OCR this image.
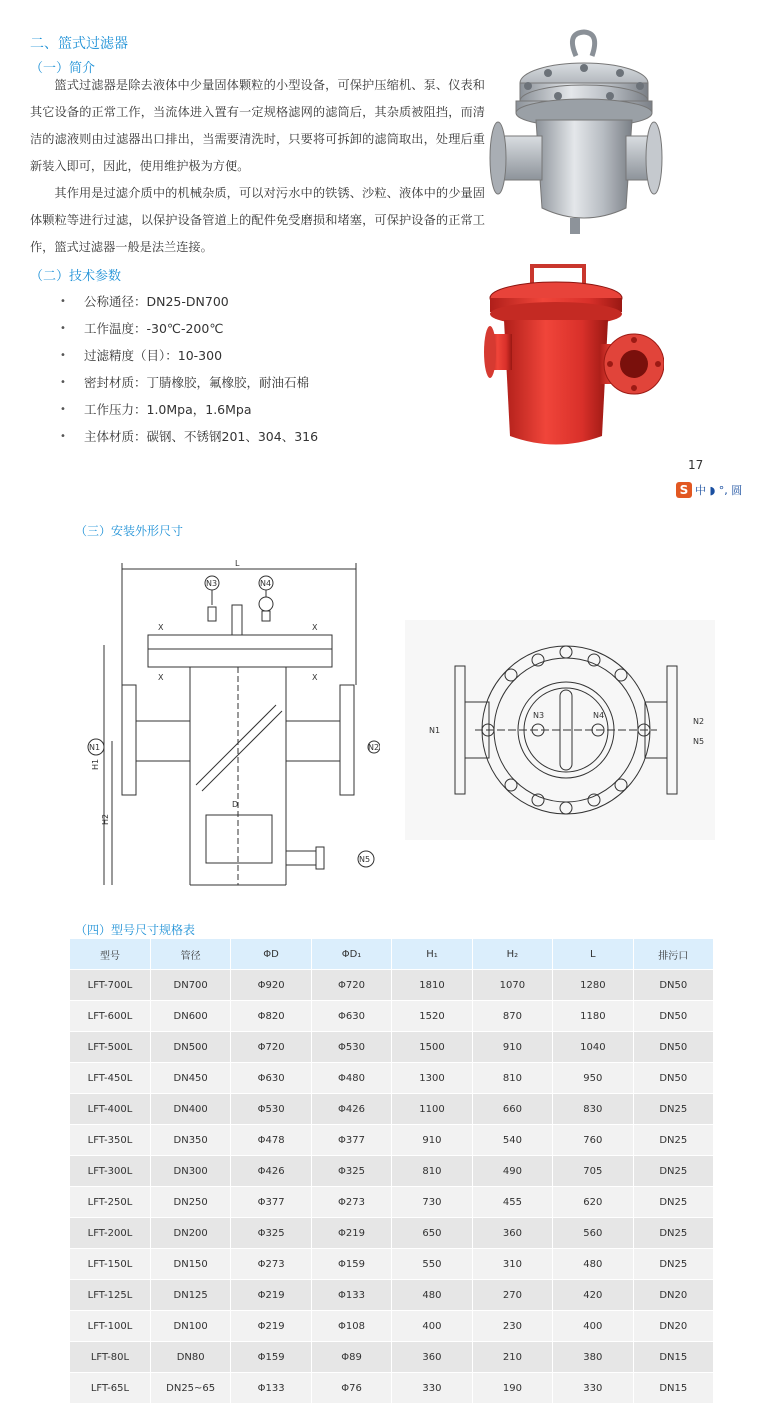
二、篮式过滤器
（一）简介

篮式过滤器是除去液体中少量固体颗粒的小型设备，可保护压缩机、泵、仪表和其它设备的正常工作，当流体进入置有一定规格滤网的滤筒后，其杂质被阻挡，而清洁的滤液则由过滤器出口排出，当需要清洗时，只要将可拆卸的滤筒取出，处理后重新装入即可，因此，使用维护极为方便。

其作用是过滤介质中的机械杂质，可以对污水中的铁锈、沙粒、液体中的少量固体颗粒等进行过滤，以保护设备管道上的配件免受磨损和堵塞，可保护设备的正常工作，篮式过滤器一般是法兰连接。

（二）技术参数
• 公称通径：DN25-DN700
• 工作温度：-30℃-200℃
• 过滤精度（目）：10-300
• 密封材质：丁腈橡胶，氟橡胶，耐油石棉
• 工作压力：1.0Mpa，1.6Mpa
• 主体材质：碳钢、不锈钢201、304、316
17
S 中 ◗ °, 圆
（三）安装外形尺寸
L
N3	N4
X
X
X
X
D
N5
N1	N2
H1
H2
N3	N4
N1
N2
N5
（四）型号尺寸规格表
型号	管径	ΦD	ΦD₁	H₁	H₂	L	排污口
LFT-700L	DN700	Φ920	Φ720	1810	1070	1280	DN50
LFT-600L	DN600	Φ820	Φ630	1520	870	1180	DN50
LFT-500L	DN500	Φ720	Φ530	1500	910	1040	DN50
LFT-450L	DN450	Φ630	Φ480	1300	810	950	DN50
LFT-400L	DN400	Φ530	Φ426	1100	660	830	DN25
LFT-350L	DN350	Φ478	Φ377	910	540	760	DN25
LFT-300L	DN300	Φ426	Φ325	810	490	705	DN25
LFT-250L	DN250	Φ377	Φ273	730	455	620	DN25
LFT-200L	DN200	Φ325	Φ219	650	360	560	DN25
LFT-150L	DN150	Φ273	Φ159	550	310	480	DN25
LFT-125L	DN125	Φ219	Φ133	480	270	420	DN20
LFT-100L	DN100	Φ219	Φ108	400	230	400	DN20
LFT-80L	DN80	Φ159	Φ89	360	210	380	DN15
LFT-65L	DN25~65	Φ133	Φ76	330	190	330	DN15
